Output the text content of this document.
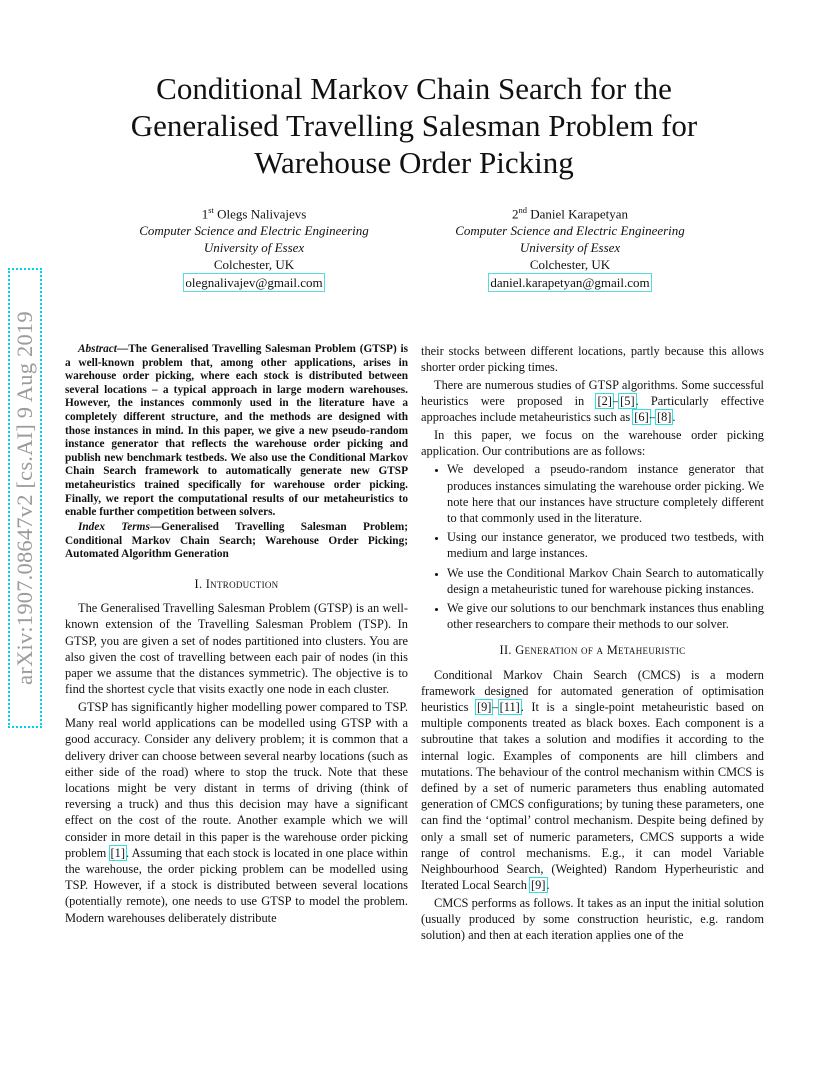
arXiv:1907.08647v2 [cs.AI] 9 Aug 2019
Conditional Markov Chain Search for the
Generalised Travelling Salesman Problem for
Warehouse Order Picking
1st Olegs Nalivajevs
Computer Science and Electric Engineering
University of Essex
Colchester, UK
olegnalivajev@gmail.com
2nd Daniel Karapetyan
Computer Science and Electric Engineering
University of Essex
Colchester, UK
daniel.karapetyan@gmail.com

Abstract—The Generalised Travelling Salesman Problem (GTSP) is a well-known problem that, among other applications, arises in warehouse order picking, where each stock is distributed between several locations – a typical approach in large modern warehouses. However, the instances commonly used in the literature have a completely different structure, and the methods are designed with those instances in mind. In this paper, we give a new pseudo-random instance generator that reflects the warehouse order picking and publish new benchmark testbeds. We also use the Conditional Markov Chain Search framework to automatically generate new GTSP metaheuristics trained specifically for warehouse order picking. Finally, we report the computational results of our metaheuristics to enable further competition between solvers.

Index Terms—Generalised Travelling Salesman Problem; Conditional Markov Chain Search; Warehouse Order Picking; Automated Algorithm Generation

I. Introduction

The Generalised Travelling Salesman Problem (GTSP) is an well-known extension of the Travelling Salesman Problem (TSP). In GTSP, you are given a set of nodes partitioned into clusters. You are also given the cost of travelling between each pair of nodes (in this paper we assume that the distances symmetric). The objective is to find the shortest cycle that visits exactly one node in each cluster.

GTSP has significantly higher modelling power compared to TSP. Many real world applications can be modelled using GTSP with a good accuracy. Consider any delivery problem; it is common that a delivery driver can choose between several nearby locations (such as either side of the road) where to stop the truck. Note that these locations might be very distant in terms of driving (think of reversing a truck) and thus this decision may have a significant effect on the cost of the route. Another example which we will consider in more detail in this paper is the warehouse order picking problem [1]. Assuming that each stock is located in one place within the warehouse, the order picking problem can be modelled using TSP. However, if a stock is distributed between several locations (potentially remote), one needs to use GTSP to model the problem. Modern warehouses deliberately distribute

their stocks between different locations, partly because this allows shorter order picking times.

There are numerous studies of GTSP algorithms. Some successful heuristics were proposed in [2]–[5]. Particularly effective approaches include metaheuristics such as [6]–[8].

In this paper, we focus on the warehouse order picking application. Our contributions are as follows:

• We developed a pseudo-random instance generator that produces instances simulating the warehouse order picking. We note here that our instances have structure completely different to that commonly used in the literature.
• Using our instance generator, we produced two testbeds, with medium and large instances.
• We use the Conditional Markov Chain Search to automatically design a metaheuristic tuned for warehouse picking instances.
• We give our solutions to our benchmark instances thus enabling other researchers to compare their methods to our solver.
II. Generation of a Metaheuristic

Conditional Markov Chain Search (CMCS) is a modern framework designed for automated generation of optimisation heuristics [9]–[11]. It is a single-point metaheuristic based on multiple components treated as black boxes. Each component is a subroutine that takes a solution and modifies it according to the internal logic. Examples of components are hill climbers and mutations. The behaviour of the control mechanism within CMCS is defined by a set of numeric parameters thus enabling automated generation of CMCS configurations; by tuning these parameters, one can find the ‘optimal’ control mechanism. Despite being defined by only a small set of numeric parameters, CMCS supports a wide range of control mechanisms. E.g., it can model Variable Neighbourhood Search, (Weighted) Random Hyperheuristic and Iterated Local Search [9].

CMCS performs as follows. It takes as an input the initial solution (usually produced by some construction heuristic, e.g. random solution) and then at each iteration applies one of the
